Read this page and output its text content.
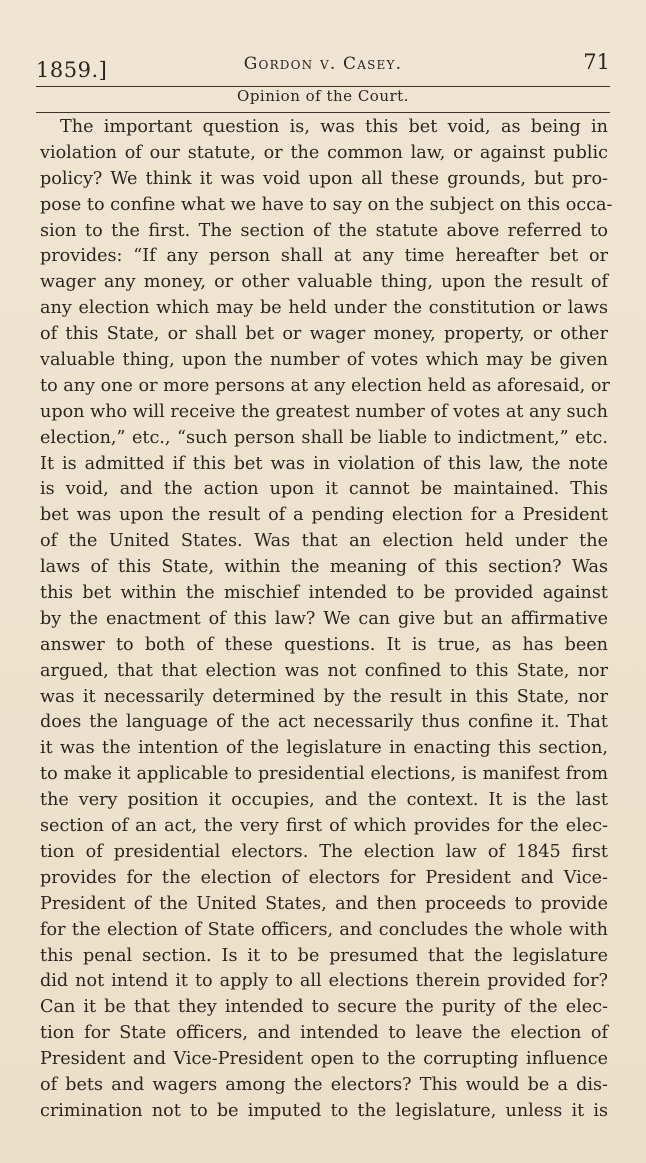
1859.]	Gordon v. Casey.	71
Opinion of the Court.
The important question is, was this bet void, as being in
violation of our statute, or the common law, or against public
policy? We think it was void upon all these grounds, but pro-
pose to confine what we have to say on the subject on this occa-
sion to the first. The section of the statute above referred to
provides: “If any person shall at any time hereafter bet or
wager any money, or other valuable thing, upon the result of
any election which may be held under the constitution or laws
of this State, or shall bet or wager money, property, or other
valuable thing, upon the number of votes which may be given
to any one or more persons at any election held as aforesaid, or
upon who will receive the greatest number of votes at any such
election,” etc., “such person shall be liable to indictment,” etc.
It is admitted if this bet was in violation of this law, the note
is void, and the action upon it cannot be maintained. This
bet was upon the result of a pending election for a President
of the United States. Was that an election held under the
laws of this State, within the meaning of this section? Was
this bet within the mischief intended to be provided against
by the enactment of this law? We can give but an affirmative
answer to both of these questions. It is true, as has been
argued, that that election was not confined to this State, nor
was it necessarily determined by the result in this State, nor
does the language of the act necessarily thus confine it. That
it was the intention of the legislature in enacting this section,
to make it applicable to presidential elections, is manifest from
the very position it occupies, and the context. It is the last
section of an act, the very first of which provides for the elec-
tion of presidential electors. The election law of 1845 first
provides for the election of electors for President and Vice-
President of the United States, and then proceeds to provide
for the election of State officers, and concludes the whole with
this penal section. Is it to be presumed that the legislature
did not intend it to apply to all elections therein provided for?
Can it be that they intended to secure the purity of the elec-
tion for State officers, and intended to leave the election of
President and Vice-President open to the corrupting influence
of bets and wagers among the electors? This would be a dis-
crimination not to be imputed to the legislature, unless it is
